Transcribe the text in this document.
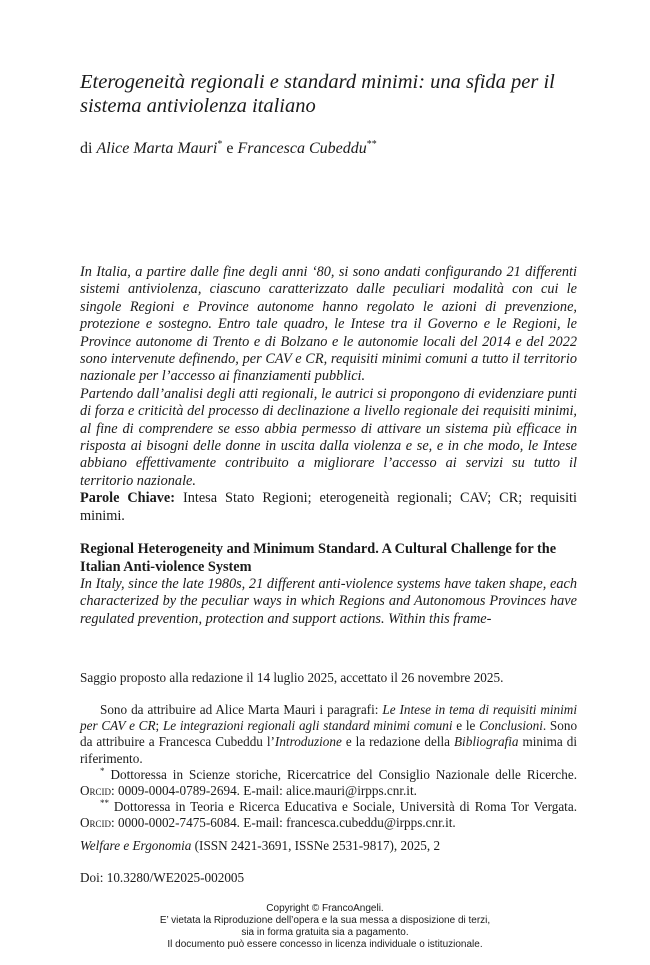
Eterogeneità regionali e standard minimi: una sfida per il sistema antiviolenza italiano
di Alice Marta Mauri* e Francesca Cubeddu**

In Italia, a partire dalle fine degli anni ‘80, si sono andati configurando 21 differenti sistemi antiviolenza, ciascuno caratterizzato dalle peculiari modalità con cui le singole Regioni e Province autonome hanno regolato le azioni di prevenzione, protezione e sostegno. Entro tale quadro, le Intese tra il Governo e le Regioni, le Province autonome di Trento e di Bolzano e le autonomie locali del 2014 e del 2022 sono intervenute definendo, per CAV e CR, requisiti minimi comuni a tutto il territorio nazionale per l’accesso ai finanziamenti pubblici.

Partendo dall’analisi degli atti regionali, le autrici si propongono di evidenziare punti di forza e criticità del processo di declinazione a livello regionale dei requisiti minimi, al fine di comprendere se esso abbia permesso di attivare un sistema più efficace in risposta ai bisogni delle donne in uscita dalla violenza e se, e in che modo, le Intese abbiano effettivamente contribuito a migliorare l’accesso ai servizi su tutto il territorio nazionale.

Parole Chiave: Intesa Stato Regioni; eterogeneità regionali; CAV; CR; requisiti minimi.

Regional Heterogeneity and Minimum Standard. A Cultural Challenge for the Italian Anti-violence System

In Italy, since the late 1980s, 21 different anti-violence systems have taken shape, each characterized by the peculiar ways in which Regions and Autonomous Provinces have regulated prevention, protection and support actions. Within this frame-

Saggio proposto alla redazione il 14 luglio 2025, accettato il 26 novembre 2025.

Sono da attribuire ad Alice Marta Mauri i paragrafi: Le Intese in tema di requisiti minimi per CAV e CR; Le integrazioni regionali agli standard minimi comuni e le Conclusioni. Sono da attribuire a Francesca Cubeddu l’Introduzione e la redazione della Bibliografia minima di riferimento.

* Dottoressa in Scienze storiche, Ricercatrice del Consiglio Nazionale delle Ricerche. Orcid: 0009-0004-0789-2694. E-mail: alice.mauri@irpps.cnr.it.

** Dottoressa in Teoria e Ricerca Educativa e Sociale, Università di Roma Tor Vergata. Orcid: 0000-0002-7475-6084. E-mail: francesca.cubeddu@irpps.cnr.it.

Welfare e Ergonomia (ISSN 2421-3691, ISSNe 2531-9817), 2025, 2

Doi: 10.3280/WE2025-002005

Copyright © FrancoAngeli.
E’ vietata la Riproduzione dell’opera e la sua messa a disposizione di terzi,
sia in forma gratuita sia a pagamento.
Il documento può essere concesso in licenza individuale o istituzionale.
